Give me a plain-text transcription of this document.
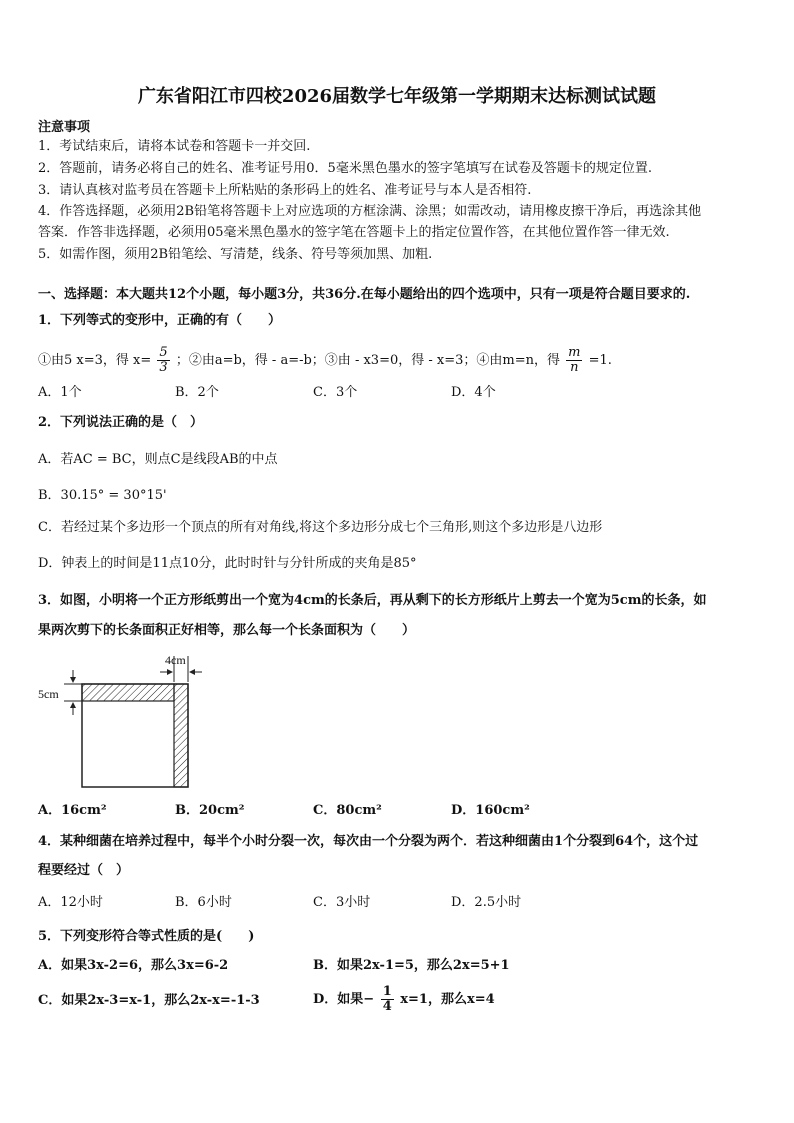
广东省阳江市四校2026届数学七年级第一学期期末达标测试试题
注意事项
1．考试结束后，请将本试卷和答题卡一并交回.
2．答题前，请务必将自己的姓名、准考证号用0．5毫米黑色墨水的签字笔填写在试卷及答题卡的规定位置.
3．请认真核对监考员在答题卡上所粘贴的条形码上的姓名、准考证号与本人是否相符.
4．作答选择题，必须用2B铅笔将答题卡上对应选项的方框涂满、涂黑；如需改动，请用橡皮擦干净后，再选涂其他
答案．作答非选择题，必须用05毫米黑色墨水的签字笔在答题卡上的指定位置作答，在其他位置作答一律无效.
5．如需作图，须用2B铅笔绘、写清楚，线条、符号等须加黑、加粗.
一、选择题：本大题共12个小题，每小题3分，共36分.在每小题给出的四个选项中，只有一项是符合题目要求的.
1．下列等式的变形中，正确的有（　　）
①由5 x=3，得 $x= \frac{5}{3}$ ；②由a=b，得 - a=-b；③由 - x3=0，得 - x=3；④由m=n，得 $\frac{m}{n} =1$.
A．1个	B．2个	C．3个	D．4个
2．下列说法正确的是（　）
A．若AC = BC，则点C是线段AB的中点
B．30.15° = 30°15'
C．若经过某个多边形一个顶点的所有对角线,将这个多边形分成七个三角形,则这个多边形是八边形
D．钟表上的时间是11点10分，此时时针与分针所成的夹角是85°
3．如图，小明将一个正方形纸剪出一个宽为4cm的长条后，再从剩下的长方形纸片上剪去一个宽为5cm的长条，如
果两次剪下的长条面积正好相等，那么每一个长条面积为（　　）
4cm
5cm
A．16cm²	B．20cm²	C．80cm²	D．160cm²
4．某种细菌在培养过程中，每半个小时分裂一次，每次由一个分裂为两个．若这种细菌由1个分裂到64个，这个过
程要经过（　）
A．12小时	B．6小时	C．3小时	D．2.5小时
5．下列变形符合等式性质的是(　　)
A．如果3x-2=6，那么3x=6-2	B．如果2x-1=5，那么2x=5+1
C．如果2x-3=x-1，那么2x-x=-1-3	D．如果− $\frac{1}{4} x=1$，那么x=4
